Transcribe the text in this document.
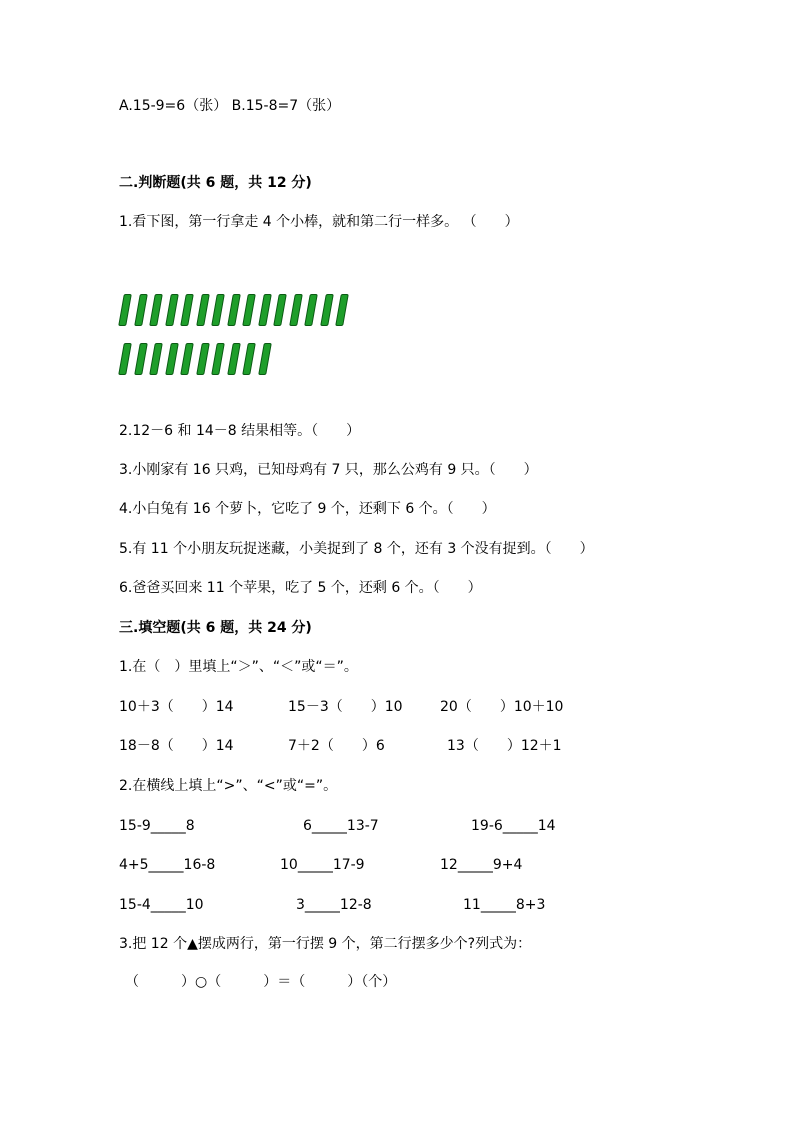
A.15-9=6（张） B.15-8=7（张）
二.判断题(共 6 题，共 12 分)
1.看下图，第一行拿走 4 个小棒，就和第二行一样多。 （　　）
2.12－6 和 14－8 结果相等。（　　）
3.小刚家有 16 只鸡，已知母鸡有 7 只，那么公鸡有 9 只。（　　）
4.小白兔有 16 个萝卜，它吃了 9 个，还剩下 6 个。（　　）
5.有 11 个小朋友玩捉迷藏，小美捉到了 8 个，还有 3 个没有捉到。（　　）
6.爸爸买回来 11 个苹果，吃了 5 个，还剩 6 个。（　　）
三.填空题(共 6 题，共 24 分)
1.在（　）里填上“＞”、“＜”或“＝”。
10＋3（　　）14	15－3（　　）10	20（　　）10＋10
18－8（　　）14	7＋2（　　）6	13（　　）12＋1
2.在横线上填上“>”、“<”或“=”。
15-9_____8	6_____13-7	19-6_____14
4+5_____16-8	10_____17-9	12_____9+4
15-4_____10	3_____12-8	11_____8+3
3.把 12 个▲摆成两行，第一行摆 9 个，第二行摆多少个?列式为：
（　　　）○（　　　）＝（　　　）（个）
